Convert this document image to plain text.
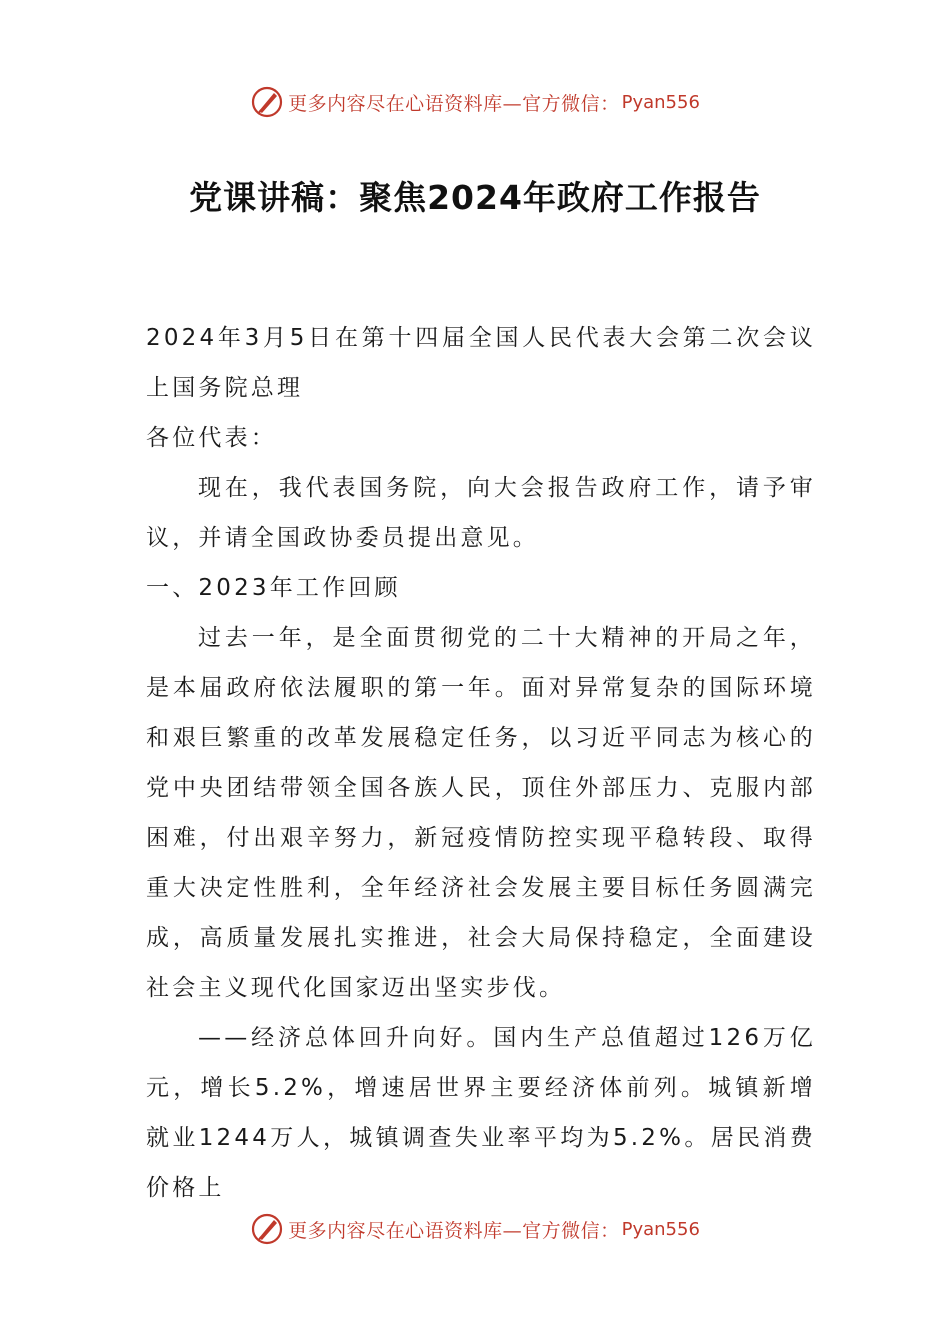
更多内容尽在心语资料库—官方微信： Pyan556
党课讲稿：聚焦2024年政府工作报告

2024年3月5日在第十四届全国人民代表大会第二次会议上国务院总理

各位代表：

现在，我代表国务院，向大会报告政府工作，请予审议，并请全国政协委员提出意见。

一、2023年工作回顾

过去一年，是全面贯彻党的二十大精神的开局之年，是本届政府依法履职的第一年。面对异常复杂的国际环境和艰巨繁重的改革发展稳定任务，以习近平同志为核心的党中央团结带领全国各族人民，顶住外部压力、克服内部困难，付出艰辛努力，新冠疫情防控实现平稳转段、取得重大决定性胜利，全年经济社会发展主要目标任务圆满完成，高质量发展扎实推进，社会大局保持稳定，全面建设社会主义现代化国家迈出坚实步伐。

——经济总体回升向好。国内生产总值超过126万亿元，增长5.2%，增速居世界主要经济体前列。城镇新增就业1244万人，城镇调查失业率平均为5.2%。居民消费价格上

更多内容尽在心语资料库—官方微信： Pyan556
